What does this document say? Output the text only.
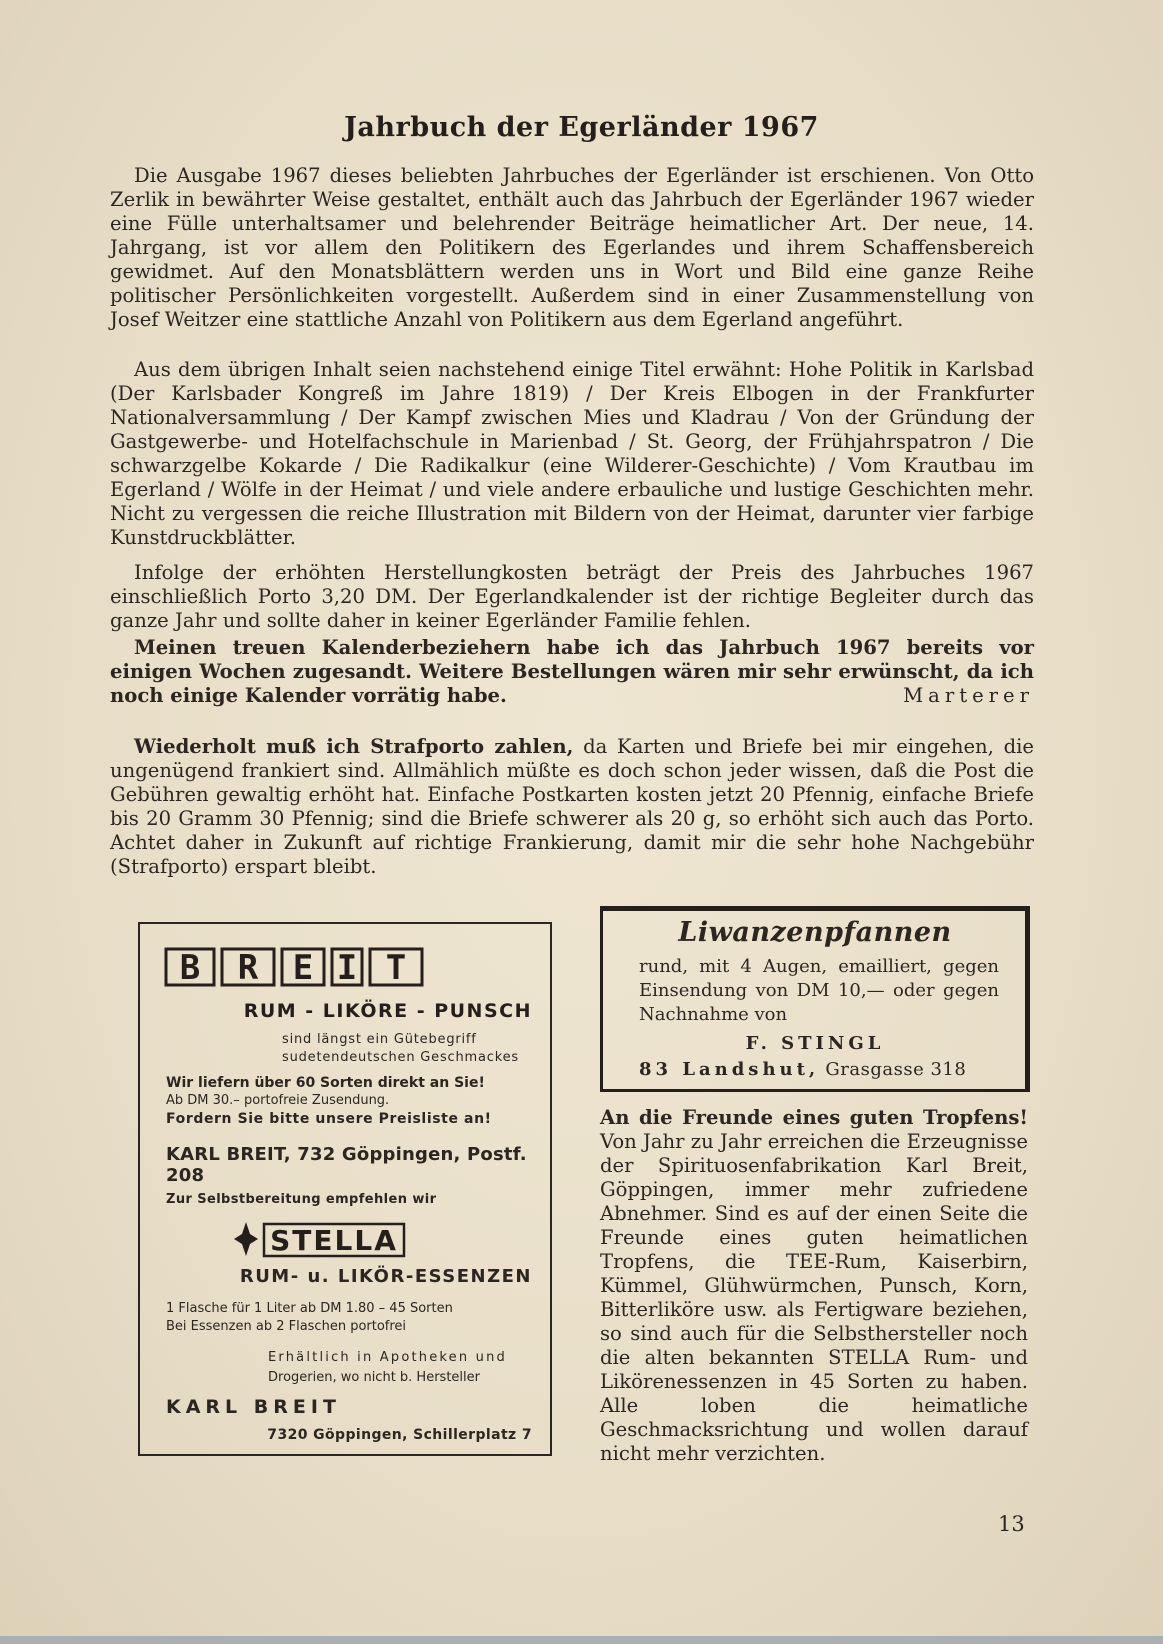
Jahrbuch der Egerländer 1967

Die Ausgabe 1967 dieses beliebten Jahrbuches der Egerländer ist erschienen. Von Otto Zerlik in bewährter Weise gestaltet, enthält auch das Jahrbuch der Egerländer 1967 wieder eine Fülle unterhaltsamer und belehrender Beiträge heimatlicher Art. Der neue, 14. Jahrgang, ist vor allem den Politikern des Egerlandes und ihrem Schaffensbereich gewidmet. Auf den Monatsblättern werden uns in Wort und Bild eine ganze Reihe politischer Persönlichkeiten vorgestellt. Außerdem sind in einer Zusammenstellung von Josef Weitzer eine stattliche Anzahl von Politikern aus dem Egerland angeführt.

Aus dem übrigen Inhalt seien nachstehend einige Titel erwähnt: Hohe Politik in Karlsbad (Der Karlsbader Kongreß im Jahre 1819) / Der Kreis Elbogen in der Frankfurter Nationalversammlung / Der Kampf zwischen Mies und Kladrau / Von der Gründung der Gastgewerbe- und Hotelfachschule in Marienbad / St. Georg, der Frühjahrspatron / Die schwarzgelbe Kokarde / Die Radikalkur (eine Wilderer-Geschichte) / Vom Krautbau im Egerland / Wölfe in der Heimat / und viele andere erbauliche und lustige Geschichten mehr. Nicht zu vergessen die reiche Illustration mit Bildern von der Heimat, darunter vier farbige Kunstdruckblätter.

Infolge der erhöhten Herstellungkosten beträgt der Preis des Jahrbuches 1967 einschließlich Porto 3,20 DM. Der Egerlandkalender ist der richtige Begleiter durch das ganze Jahr und sollte daher in keiner Egerländer Familie fehlen.

Meinen treuen Kalenderbeziehern habe ich das Jahrbuch 1967 bereits vor einigen Wochen zugesandt. Weitere Bestellungen wären mir sehr erwünscht, da ich noch einige Kalender vorrätig habe.	Marterer

Wiederholt muß ich Strafporto zahlen, da Karten und Briefe bei mir eingehen, die ungenügend frankiert sind. Allmählich müßte es doch schon jeder wissen, daß die Post die Gebühren gewaltig erhöht hat. Einfache Postkarten kosten jetzt 20 Pfennig, einfache Briefe bis 20 Gramm 30 Pfennig; sind die Briefe schwerer als 20 g, so erhöht sich auch das Porto. Achtet daher in Zukunft auf richtige Frankierung, damit mir die sehr hohe Nachgebühr (Strafporto) erspart bleibt.

B R E I T
RUM - LIKÖRE - PUNSCH
sind längst ein Gütebegriff
sudetendeutschen Geschmackes
Wir liefern über 60 Sorten direkt an Sie!
Ab DM 30.– portofreie Zusendung.
Fordern Sie bitte unsere Preisliste an!
KARL BREIT, 732 Göppingen, Postf. 208
Zur Selbstbereitung empfehlen wir
STELLA
RUM- u. LIKÖR-ESSENZEN
1 Flasche für 1 Liter ab DM 1.80 – 45 Sorten
Bei Essenzen ab 2 Flaschen portofrei
Erhältlich in Apotheken und
Drogerien, wo nicht b. Hersteller
KARL BREIT
7320 Göppingen, Schillerplatz 7
Liwanzenpfannen
rund, mit 4 Augen, emailliert, gegen Einsendung von DM 10,— oder gegen Nachnahme von
F. STINGL
83 Landshut, Grasgasse 318

An die Freunde eines guten Tropfens! Von Jahr zu Jahr erreichen die Erzeugnisse der Spirituosenfabrikation Karl Breit, Göppingen, immer mehr zufriedene Abnehmer. Sind es auf der einen Seite die Freunde eines guten heimatlichen Tropfens, die TEE-Rum, Kaiserbirn, Kümmel, Glühwürmchen, Punsch, Korn, Bitterliköre usw. als Fertigware beziehen, so sind auch für die Selbsthersteller noch die alten bekannten STELLA Rum- und Likörenessenzen in 45 Sorten zu haben. Alle loben die heimatliche Geschmacksrichtung und wollen darauf nicht mehr verzichten.

13
